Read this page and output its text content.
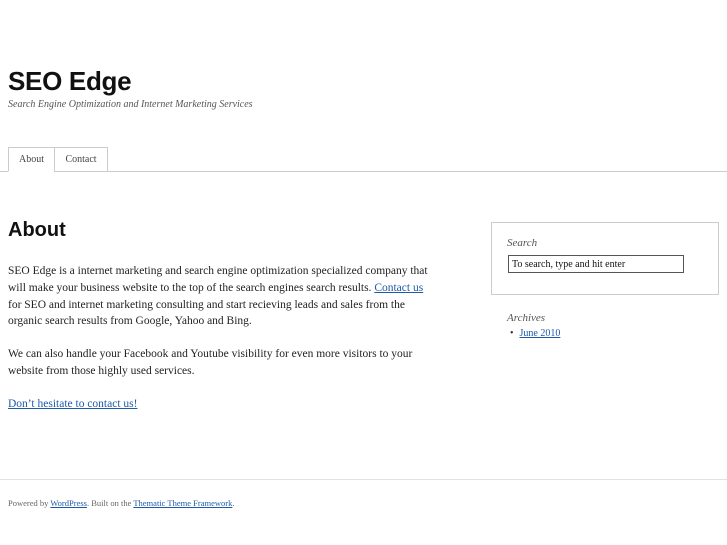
SEO Edge
Search Engine Optimization and Internet Marketing Services
About	Contact
About

SEO Edge is a internet marketing and search engine optimization specialized company that will make your business website to the top of the search engines search results. Contact us for SEO and internet marketing consulting and start recieving leads and sales from the organic search results from Google, Yahoo and Bing.

We can also handle your Facebook and Youtube visibility for even more visitors to your website from those highly used services.

Don’t hesitate to contact us!

Search
To search, type and hit enter
Archives
• June 2010
Powered by WordPress. Built on the Thematic Theme Framework.
